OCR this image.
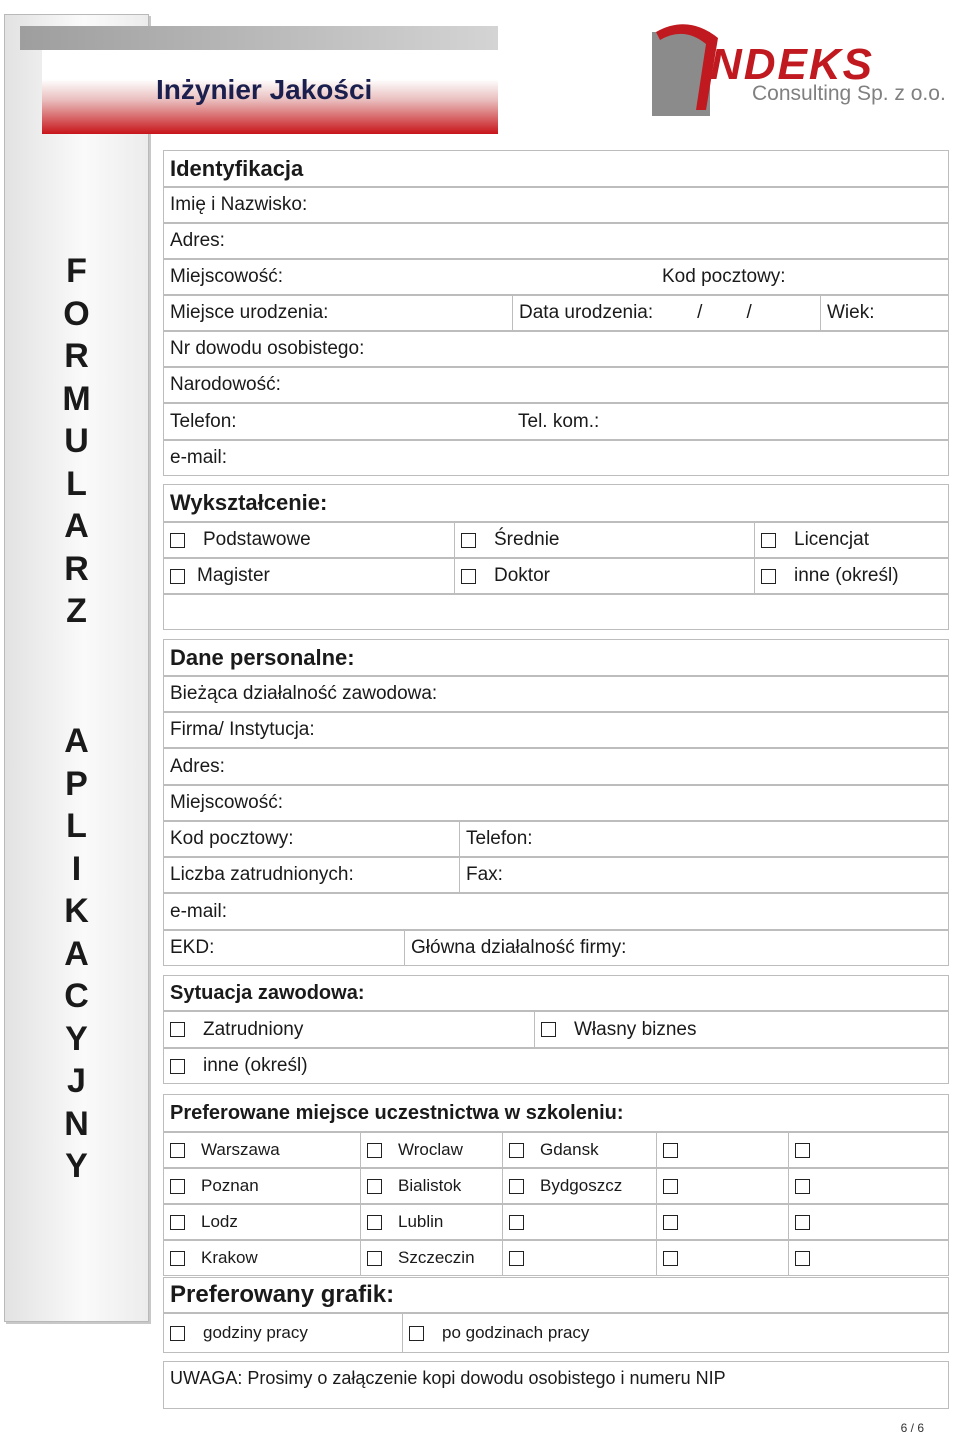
F
O
R
M
U
L
A
R
Z
A
P
L
I
K
A
C
Y
J
N
Y
Inżynier Jakości
NDEKS
Consulting Sp. z o.o.
Identyfikacja
Imię i Nazwisko:
Adres:
Miejscowość:	Kod pocztowy:
Miejsce urodzenia:	Data urodzenia: / /	Wiek:
Nr dowodu osobistego:
Narodowość:
Telefon:	Tel. kom.:
e-mail:
Wykształcenie:
Podstawowe	Średnie	Licencjat
Magister	Doktor	inne (określ)
Dane personalne:
Bieżąca działalność zawodowa:
Firma/ Instytucja:
Adres:
Miejscowość:
Kod pocztowy:	Telefon:
Liczba zatrudnionych:	Fax:
e-mail:
EKD:	Główna działalność firmy:
Sytuacja zawodowa:
Zatrudniony	Własny biznes
inne (określ)
Preferowane miejsce uczestnictwa w szkoleniu:
Warszawa	Wroclaw	Gdansk
Poznan	Bialistok	Bydgoszcz
Lodz	Lublin
Krakow	Szczeczin
Preferowany grafik:
godziny pracy	po godzinach pracy
UWAGA: Prosimy o załączenie kopi dowodu osobistego i numeru NIP
6 / 6
